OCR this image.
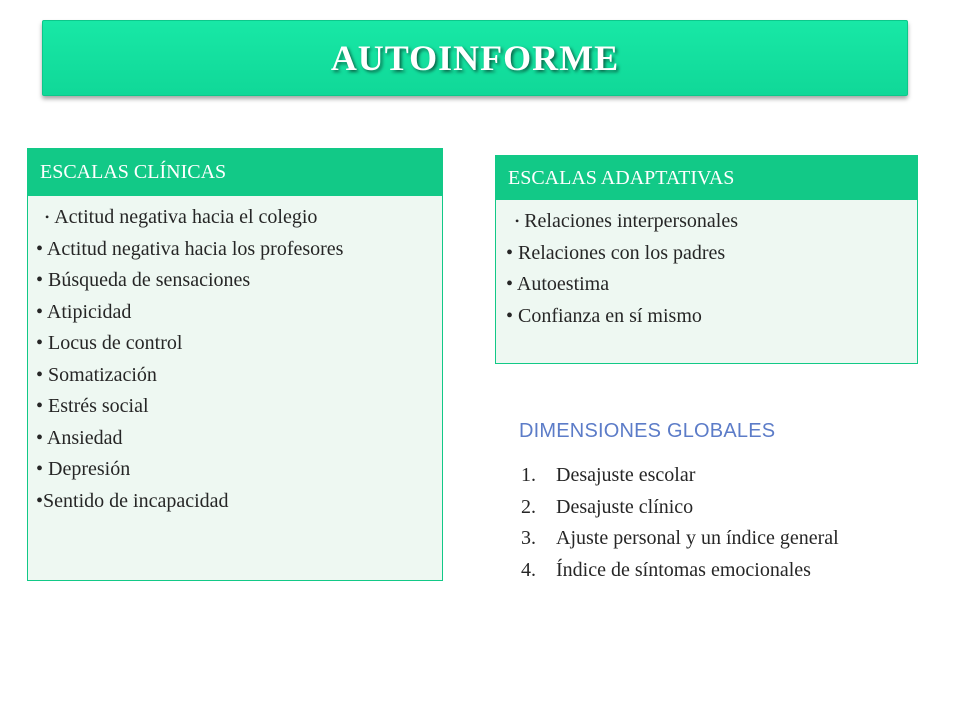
AUTOINFORME
ESCALAS CLÍNICAS
• Actitud negativa hacia el colegio
• Actitud negativa hacia los profesores
• Búsqueda de sensaciones
• Atipicidad
• Locus de control
• Somatización
• Estrés social
• Ansiedad
• Depresión
•Sentido de incapacidad
ESCALAS ADAPTATIVAS
• Relaciones interpersonales
• Relaciones con los padres
• Autoestima
• Confianza en sí mismo
DIMENSIONES GLOBALES
1. Desajuste escolar
2. Desajuste clínico
3. Ajuste personal y un índice general
4. Índice de síntomas emocionales
